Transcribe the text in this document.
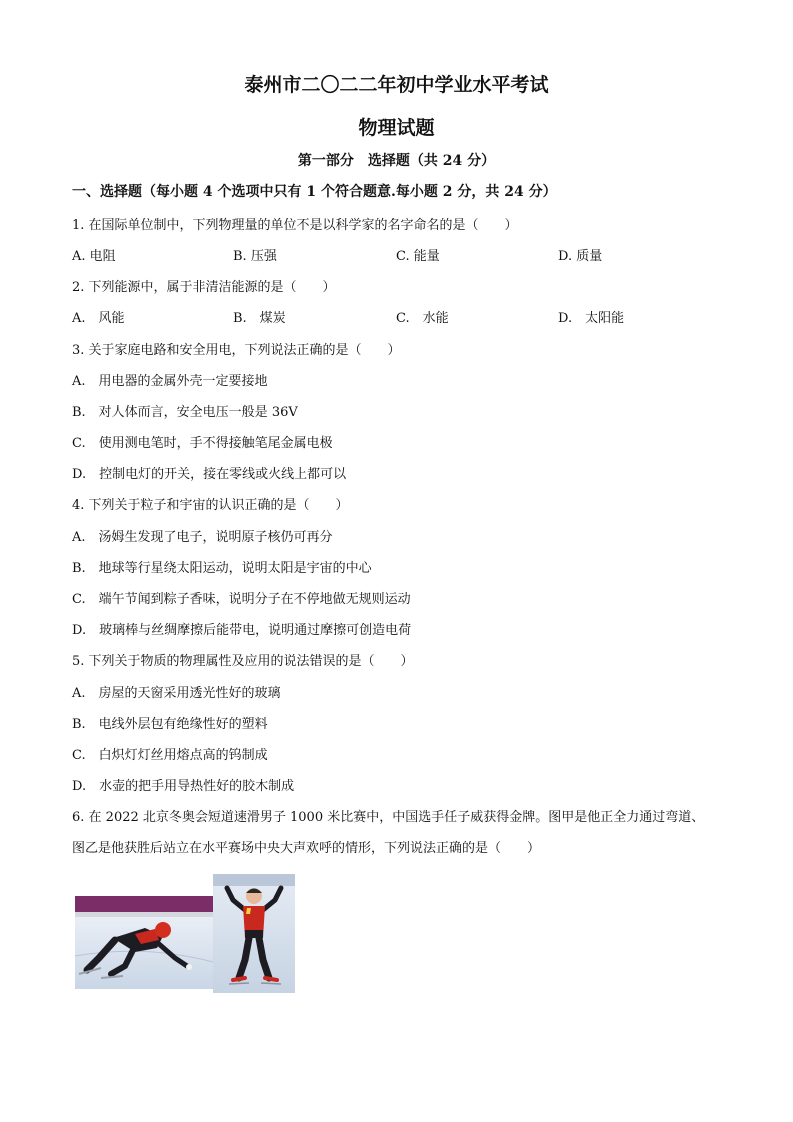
泰州市二〇二二年初中学业水平考试
物理试题
第一部分　选择题（共 24 分）
一、选择题（每小题 4 个选项中只有 1 个符合题意.每小题 2 分，共 24 分）
1. 在国际单位制中，下列物理量的单位不是以科学家的名字命名的是（　　）
A. 电阻	B. 压强	C. 能量	D. 质量
2. 下列能源中，属于非清洁能源的是（　　）
A.　风能	B.　煤炭	C.　水能	D.　太阳能
3. 关于家庭电路和安全用电，下列说法正确的是（　　）
A.　用电器的金属外壳一定要接地
B.　对人体而言，安全电压一般是 36V
C.　使用测电笔时，手不得接触笔尾金属电极
D.　控制电灯的开关，接在零线或火线上都可以
4. 下列关于粒子和宇宙的认识正确的是（　　）
A.　汤姆生发现了电子，说明原子核仍可再分
B.　地球等行星绕太阳运动，说明太阳是宇宙的中心
C.　端午节闻到粽子香味，说明分子在不停地做无规则运动
D.　玻璃棒与丝绸摩擦后能带电，说明通过摩擦可创造电荷
5. 下列关于物质的物理属性及应用的说法错误的是（　　）
A.　房屋的天窗采用透光性好的玻璃
B.　电线外层包有绝缘性好的塑料
C.　白炽灯灯丝用熔点高的钨制成
D.　水壶的把手用导热性好的胶木制成
6. 在 2022 北京冬奥会短道速滑男子 1000 米比赛中，中国选手任子威获得金牌。图甲是他正全力通过弯道、
图乙是他获胜后站立在水平赛场中央大声欢呼的情形，下列说法正确的是（　　）
